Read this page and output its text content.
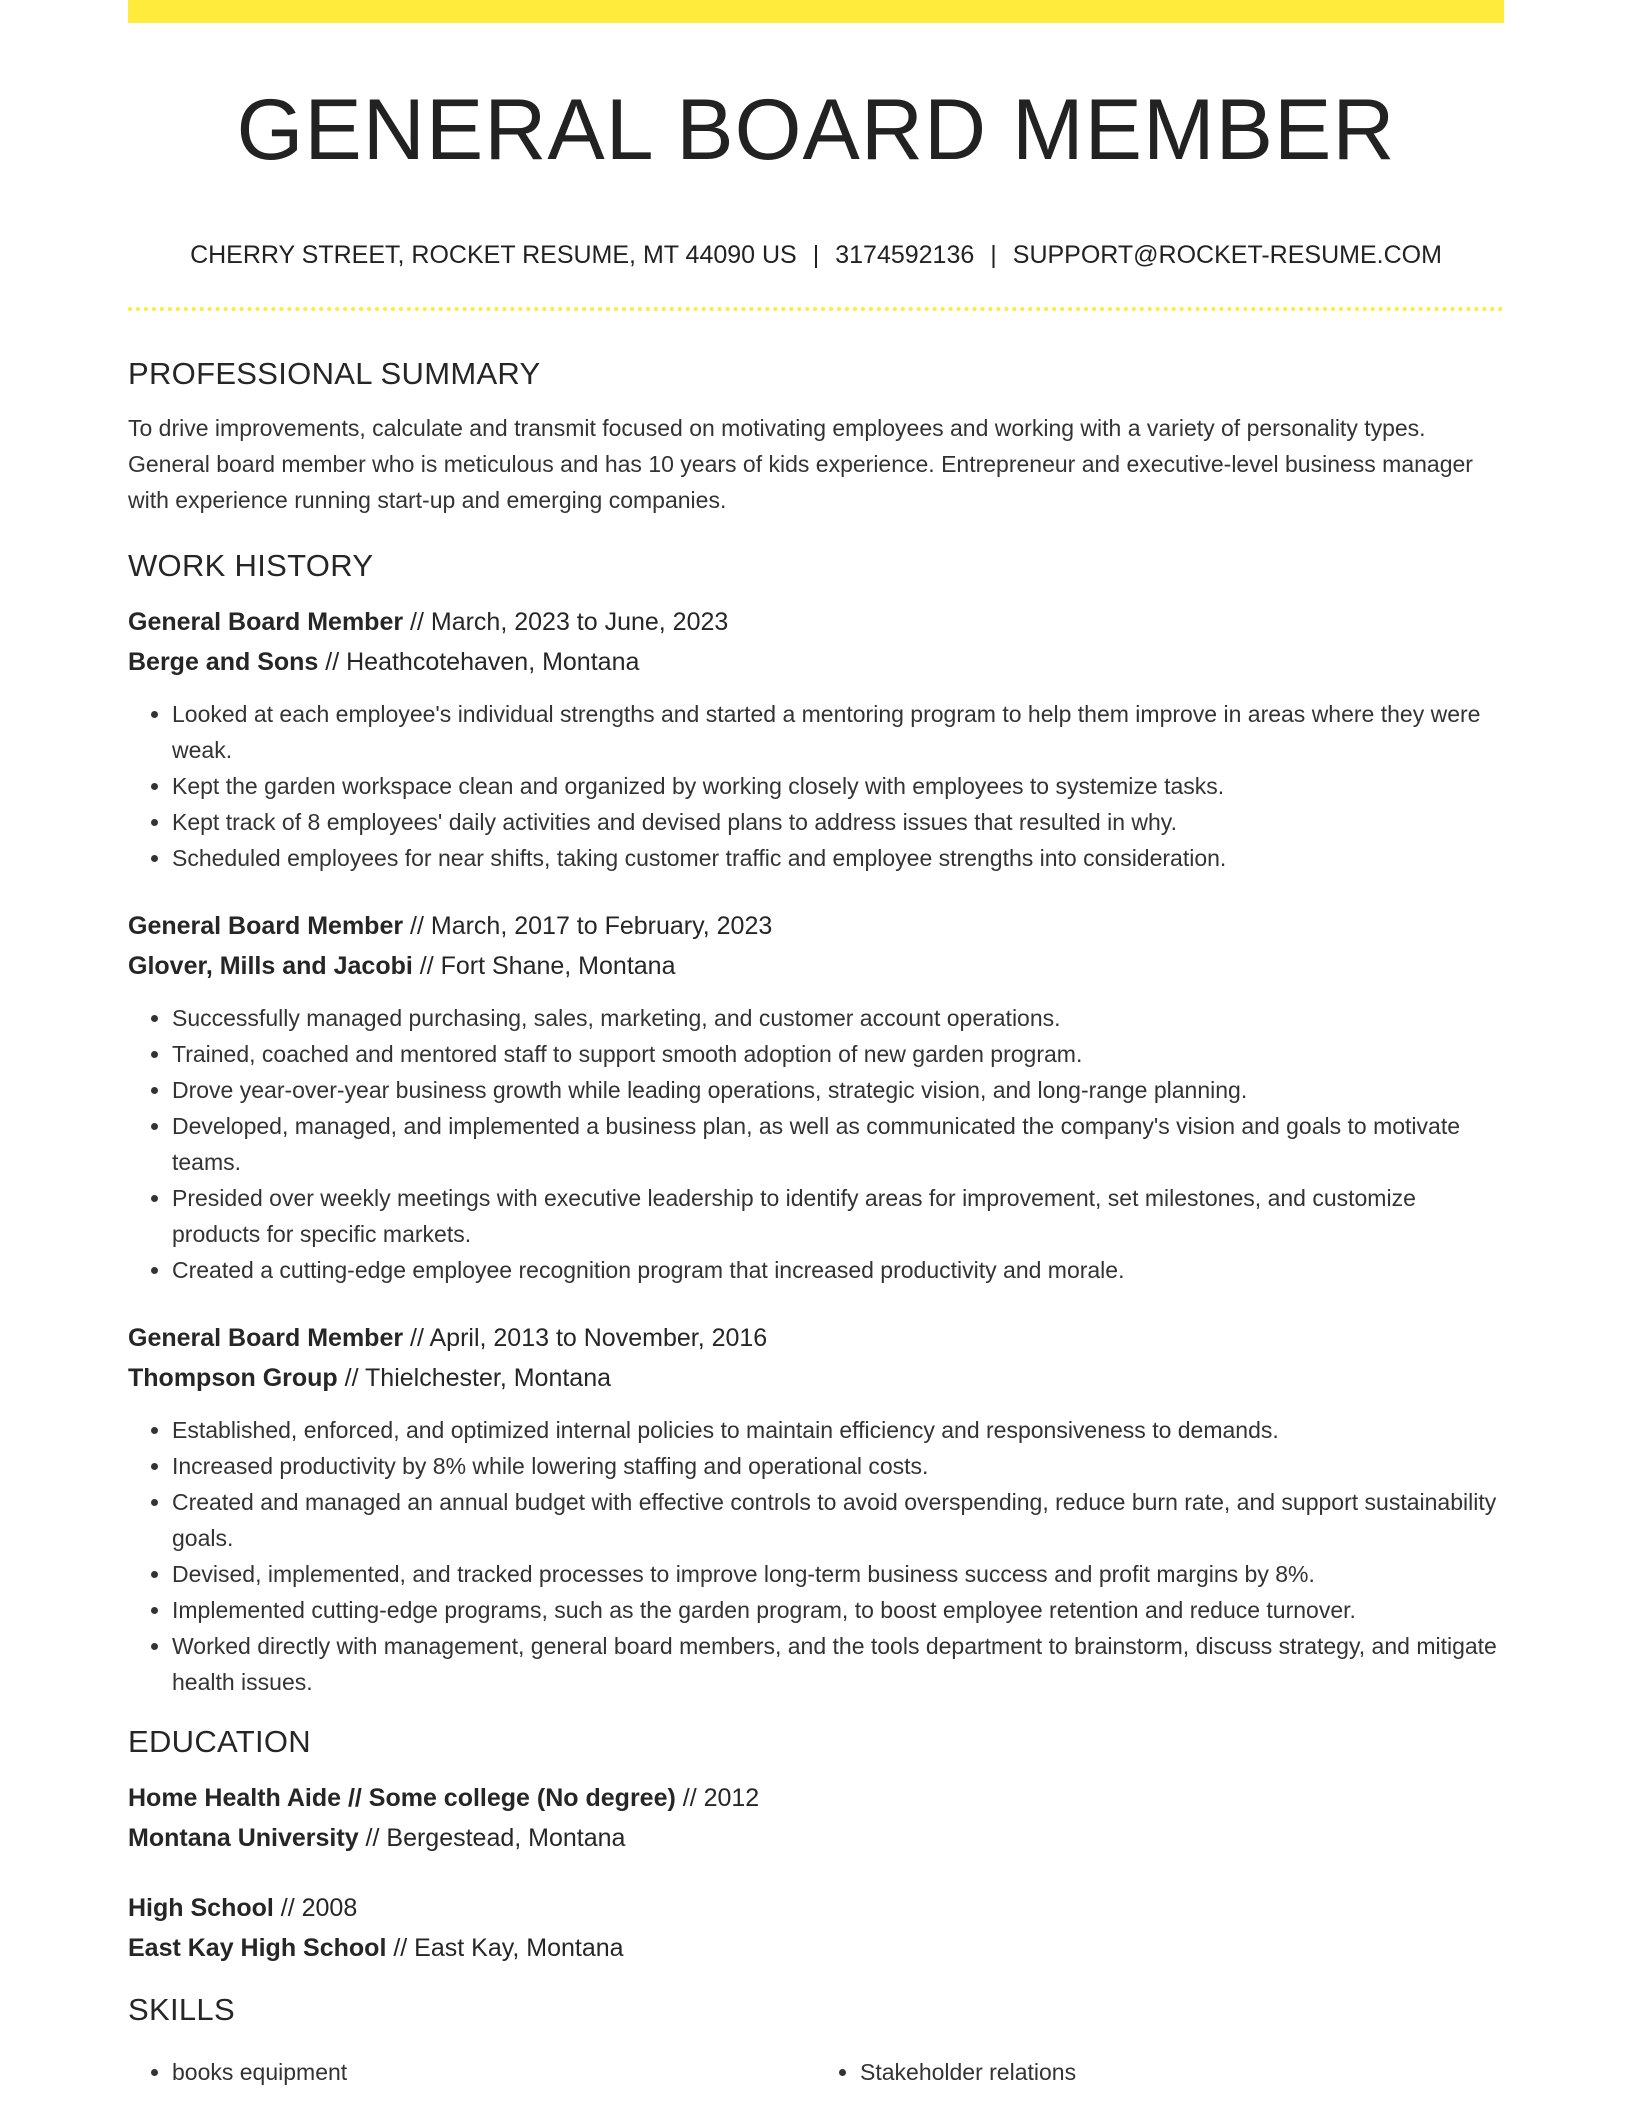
GENERAL BOARD MEMBER
CHERRY STREET, ROCKET RESUME, MT 44090 US | 3174592136 | SUPPORT@ROCKET-RESUME.COM
PROFESSIONAL SUMMARY

To drive improvements, calculate and transmit focused on motivating employees and working with a variety of personality types. General board member who is meticulous and has 10 years of kids experience. Entrepreneur and executive-level business manager with experience running start-up and emerging companies.

WORK HISTORY
General Board Member // March, 2023 to June, 2023
Berge and Sons // Heathcotehaven, Montana
• Looked at each employee's individual strengths and started a mentoring program to help them improve in areas where they were weak.
• Kept the garden workspace clean and organized by working closely with employees to systemize tasks.
• Kept track of 8 employees' daily activities and devised plans to address issues that resulted in why.
• Scheduled employees for near shifts, taking customer traffic and employee strengths into consideration.
General Board Member // March, 2017 to February, 2023
Glover, Mills and Jacobi // Fort Shane, Montana
• Successfully managed purchasing, sales, marketing, and customer account operations.
• Trained, coached and mentored staff to support smooth adoption of new garden program.
• Drove year-over-year business growth while leading operations, strategic vision, and long-range planning.
• Developed, managed, and implemented a business plan, as well as communicated the company's vision and goals to motivate teams.
• Presided over weekly meetings with executive leadership to identify areas for improvement, set milestones, and customize products for specific markets.
• Created a cutting-edge employee recognition program that increased productivity and morale.
General Board Member // April, 2013 to November, 2016
Thompson Group // Thielchester, Montana
• Established, enforced, and optimized internal policies to maintain efficiency and responsiveness to demands.
• Increased productivity by 8% while lowering staffing and operational costs.
• Created and managed an annual budget with effective controls to avoid overspending, reduce burn rate, and support sustainability goals.
• Devised, implemented, and tracked processes to improve long-term business success and profit margins by 8%.
• Implemented cutting-edge programs, such as the garden program, to boost employee retention and reduce turnover.
• Worked directly with management, general board members, and the tools department to brainstorm, discuss strategy, and mitigate health issues.
EDUCATION
Home Health Aide // Some college (No degree) // 2012
Montana University // Bergestead, Montana
High School // 2008
East Kay High School // East Kay, Montana
SKILLS
• books equipment
•	Stakeholder relations
